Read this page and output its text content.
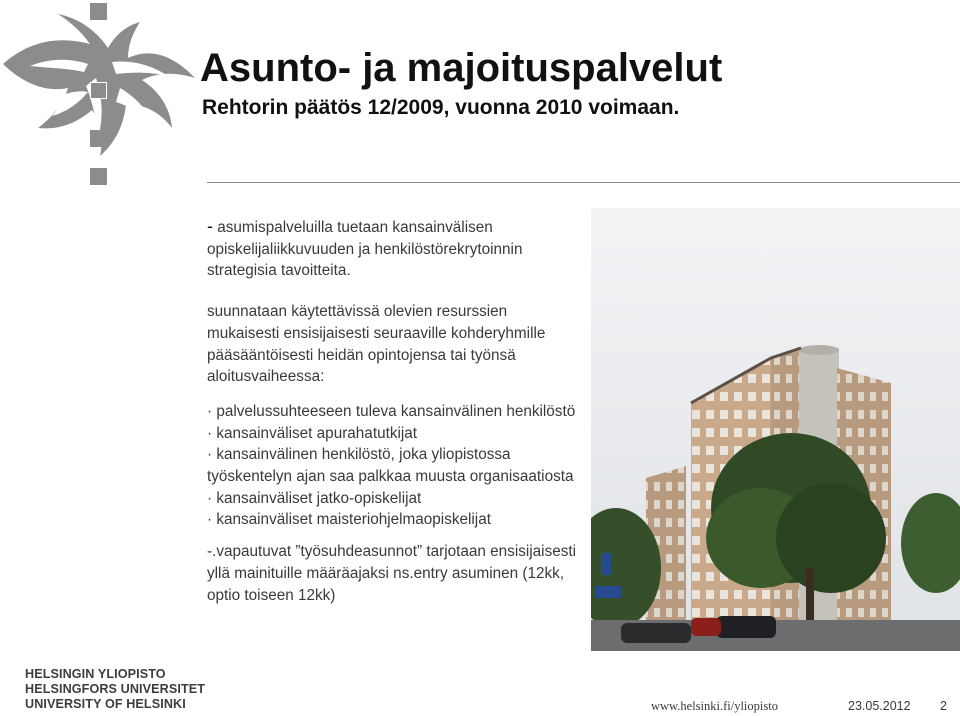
Asunto- ja majoituspalvelut
Rehtorin päätös 12/2009, vuonna 2010 voimaan.

- asumispalveluilla tuetaan kansainvälisen opiskelijaliikkuvuuden ja henkilöstörekrytoinnin strategisia tavoitteita.

suunnataan käytettävissä olevien resurssien mukaisesti ensisijaisesti seuraaville kohderyhmille pääsääntöisesti heidän opintojensa tai työnsä aloitusvaiheessa:

· palvelussuhteeseen tuleva kansainvälinen henkilöstö

· kansainväliset apurahatutkijat

· kansainvälinen henkilöstö, joka yliopistossa työskentelyn ajan saa palkkaa muusta organisaatiosta

· kansainväliset jatko-opiskelijat

· kansainväliset maisteriohjelmaopiskelijat

-.vapautuvat ”työsuhdeasunnot” tarjotaan ensisijaisesti yllä mainituille määräajaksi ns.entry asuminen (12kk, optio toiseen 12kk)

HELSINGIN YLIOPISTO
HELSINGFORS UNIVERSITET
UNIVERSITY OF HELSINKI	www.helsinki.fi/yliopisto	23.05.2012 2
